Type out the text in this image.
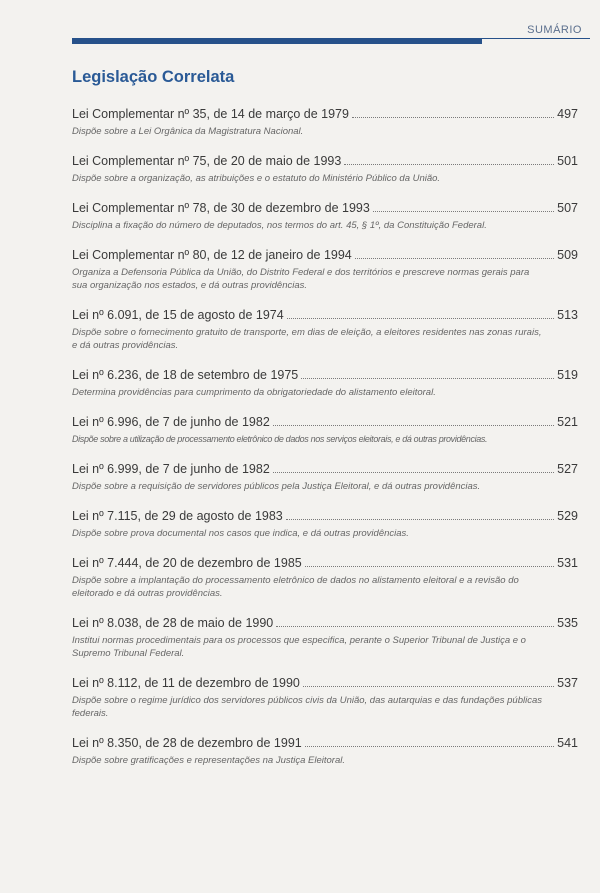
SUMÁRIO
Legislação Correlata
Lei Complementar nº 35, de 14 de março de 1979	497
Dispõe sobre a Lei Orgânica da Magistratura Nacional.
Lei Complementar nº 75, de 20 de maio de 1993	501
Dispõe sobre a organização, as atribuições e o estatuto do Ministério Público da União.
Lei Complementar nº 78, de 30 de dezembro de 1993	507
Disciplina a fixação do número de deputados, nos termos do art. 45, § 1º, da Constituição Federal.
Lei Complementar nº 80, de 12 de janeiro de 1994	509
Organiza a Defensoria Pública da União, do Distrito Federal e dos territórios e prescreve normas gerais para sua organização nos estados, e dá outras providências.
Lei nº 6.091, de 15 de agosto de 1974	513
Dispõe sobre o fornecimento gratuito de transporte, em dias de eleição, a eleitores residentes nas zonas rurais, e dá outras providências.
Lei nº 6.236, de 18 de setembro de 1975	519
Determina providências para cumprimento da obrigatoriedade do alistamento eleitoral.
Lei nº 6.996, de 7 de junho de 1982	521
Dispõe sobre a utilização de processamento eletrônico de dados nos serviços eleitorais, e dá outras providências.
Lei nº 6.999, de 7 de junho de 1982	527
Dispõe sobre a requisição de servidores públicos pela Justiça Eleitoral, e dá outras providências.
Lei nº 7.115, de 29 de agosto de 1983	529
Dispõe sobre prova documental nos casos que indica, e dá outras providências.
Lei nº 7.444, de 20 de dezembro de 1985	531
Dispõe sobre a implantação do processamento eletrônico de dados no alistamento eleitoral e a revisão do eleitorado e dá outras providências.
Lei nº 8.038, de 28 de maio de 1990	535
Institui normas procedimentais para os processos que especifica, perante o Superior Tribunal de Justiça e o Supremo Tribunal Federal.
Lei nº 8.112, de 11 de dezembro de 1990	537
Dispõe sobre o regime jurídico dos servidores públicos civis da União, das autarquias e das fundações públicas federais.
Lei nº 8.350, de 28 de dezembro de 1991	541
Dispõe sobre gratificações e representações na Justiça Eleitoral.
